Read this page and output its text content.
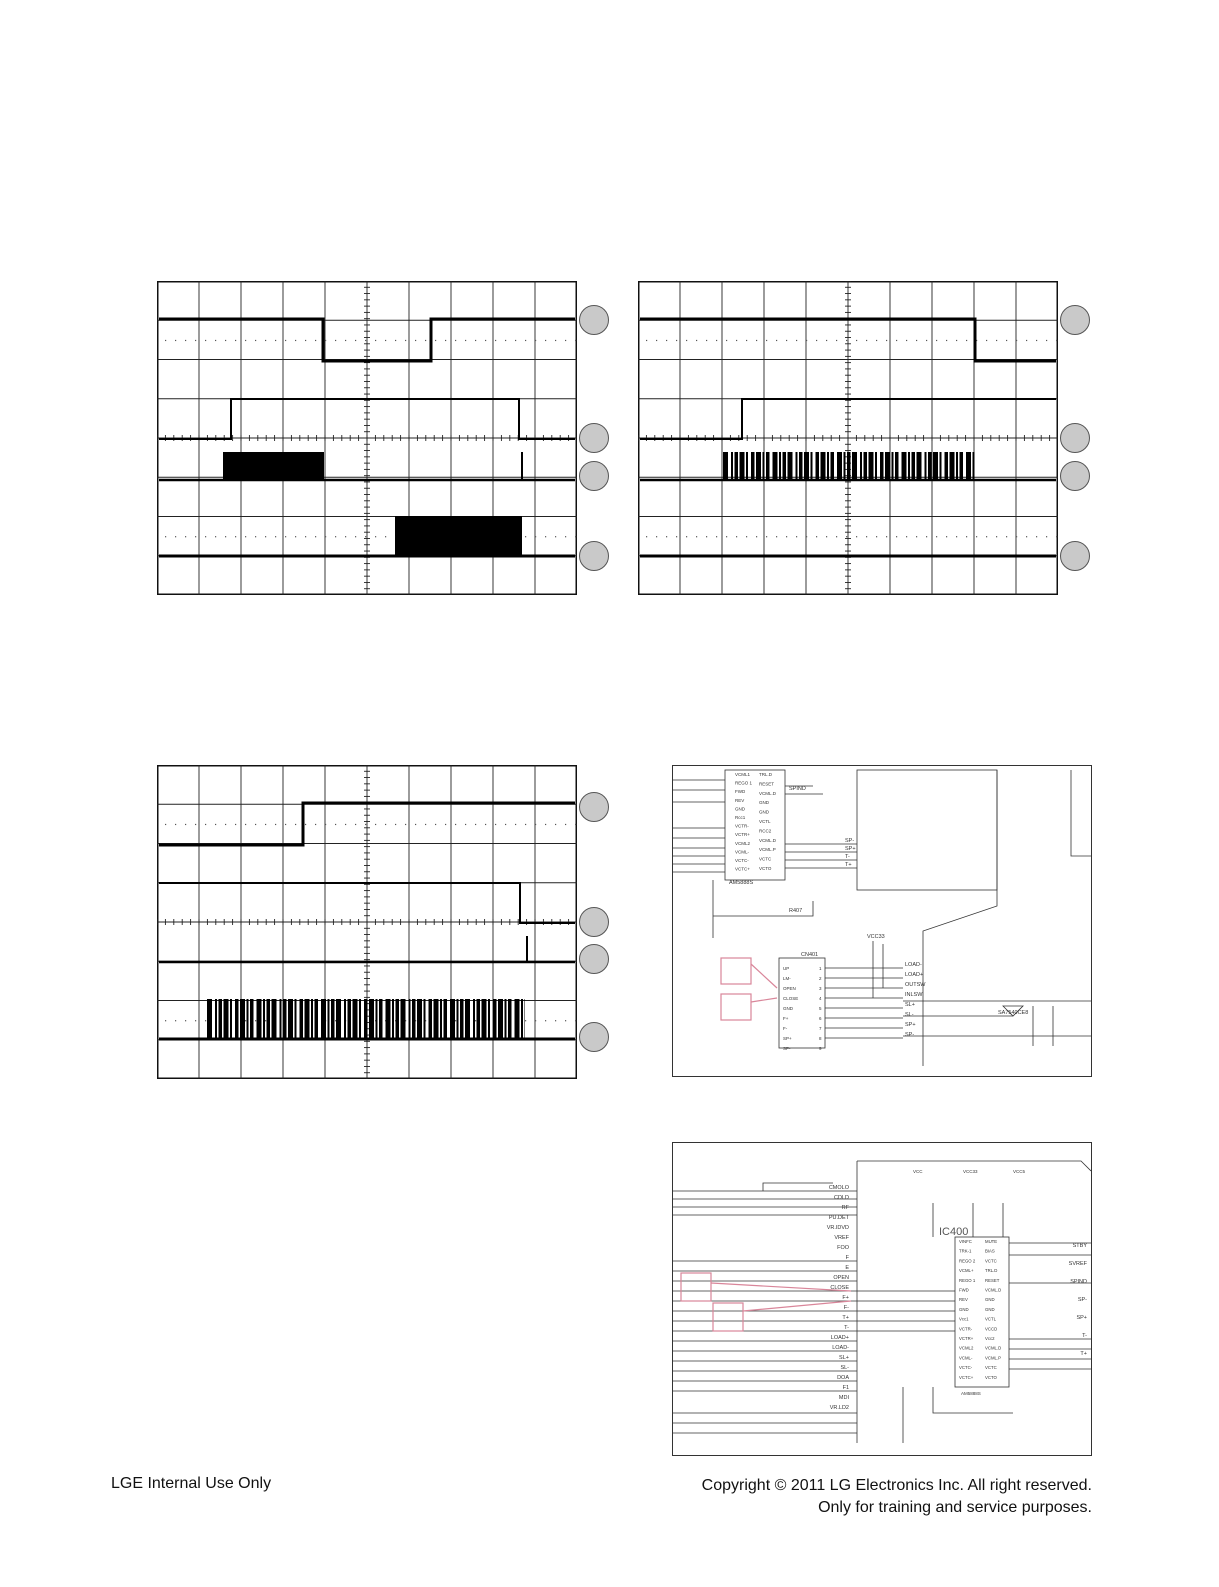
SPIND
CN401
R407
VCC33
SA7540CE8
AM5888S
VCML1
REGO 1
FWD
REV
GND
Rcc1
VCTR-
VCTR+
VCML2
VCML-
VCTC-
VCTC+
TRL.D
RESET
VCML.D
GND
GND
VCTL
RCC2
VCML.D
VCML.P
VCTC
VCTO
SP-
SP+
T-
T+
UP
LM-
OPEN
CLOSE
GND
F+
F-
SP+
SP-
1
2
3
4
5
6
7
8
9
LOAD-
LOAD+
OUTSW
INLSW
SL+
SL-
SP+
SP-
IC400
AM5888S
CMOLO
CDLD
RF
PU.DET
VR.IDVD
VREF
FOO
F
E
OPEN
CLOSE
F+
F-
T+
T-
LOAD+
LOAD-
SL+
SL-
DOA
F1
MDI
VR.LD2
VINFC
TRK-1
REGO 2
VCML+
REGO 1
FWD
REV
GND
Vcc1
VCTR-
VCTR+
VCML2
VCML-
VCTC-
VCTC+
MUTE
BIAS
VCTC
TRL.D
RESET
VCML.D
GND
GND
VCTL
VCCD
Vcc2
VCML.D
VCML.P
VCTC
VCTO
STBY
SVREF
SPIND
SP-
SP+
T-
T+
VCC	VCC33	VCC5
LGE Internal Use Only	Copyright © 2011 LG Electronics Inc. All right reserved.
Only for training and service purposes.
